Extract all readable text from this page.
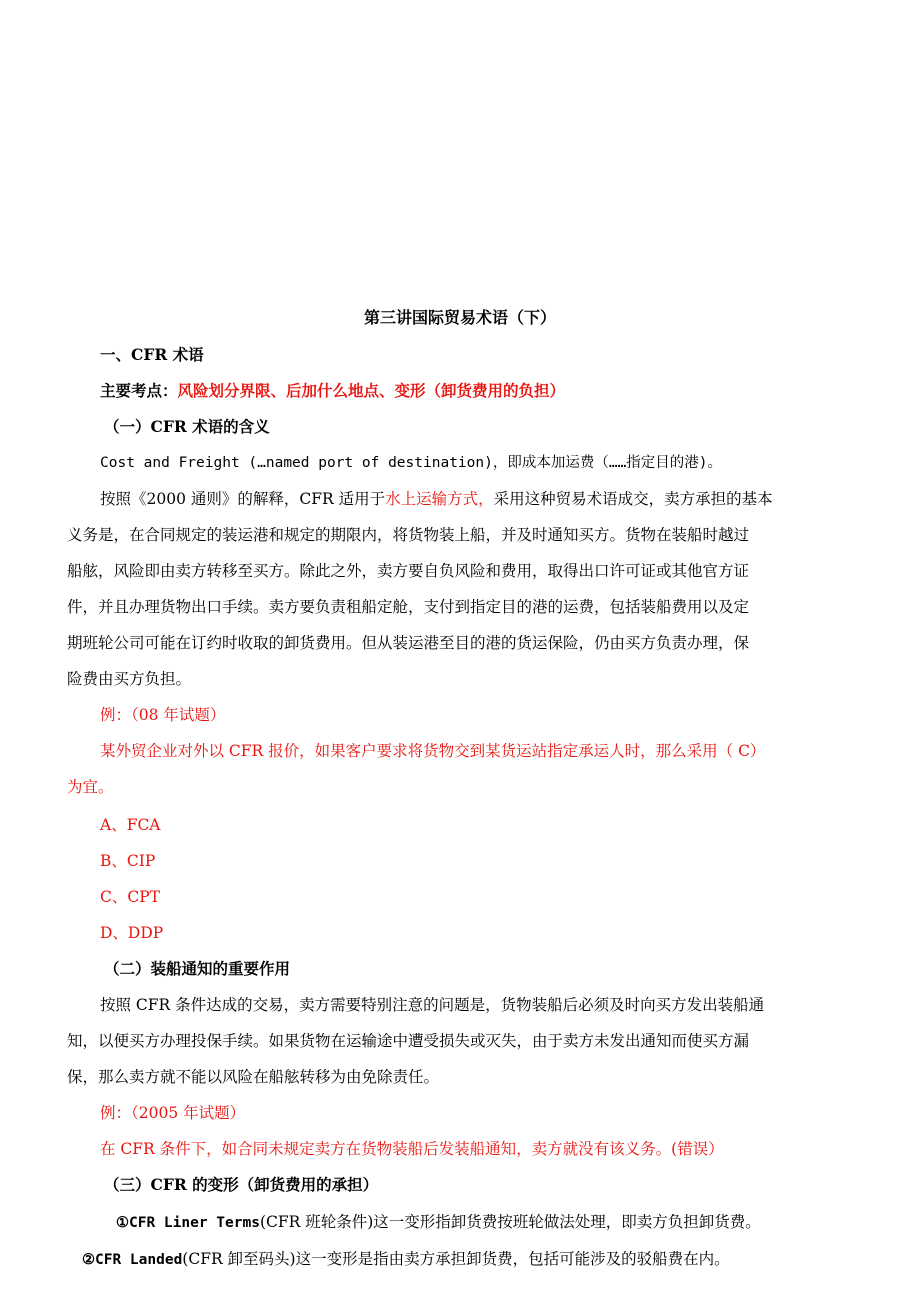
第三讲国际贸易术语（下）
一、CFR 术语
主要考点：风险划分界限、后加什么地点、变形（卸货费用的负担）
（一）CFR 术语的含义
Cost and Freight (…named port of destination)，即成本加运费（……指定目的港)。
按照《2000 通则》的解释，CFR 适用于水上运输方式，采用这种贸易术语成交，卖方承担的基本
义务是，在合同规定的装运港和规定的期限内，将货物装上船，并及时通知买方。货物在装船时越过
船舷，风险即由卖方转移至买方。除此之外，卖方要自负风险和费用，取得出口许可证或其他官方证
件，并且办理货物出口手续。卖方要负责租船定舱，支付到指定目的港的运费，包括装船费用以及定
期班轮公司可能在订约时收取的卸货费用。但从装运港至目的港的货运保险，仍由买方负责办理，保
险费由买方负担。
例：（08 年试题）
某外贸企业对外以 CFR 报价，如果客户要求将货物交到某货运站指定承运人时，那么采用（ C）
为宜。
A、FCA
B、CIP
C、CPT
D、DDP
（二）装船通知的重要作用
按照 CFR 条件达成的交易，卖方需要特别注意的问题是，货物装船后必须及时向买方发出装船通
知，以便买方办理投保手续。如果货物在运输途中遭受损失或灭失，由于卖方未发出通知而使买方漏
保，那么卖方就不能以风险在船舷转移为由免除责任。
例：（2005 年试题）
在 CFR 条件下，如合同未规定卖方在货物装船后发装船通知，卖方就没有该义务。(错误）
（三）CFR 的变形（卸货费用的承担）
①CFR Liner Terms(CFR 班轮条件)这一变形指卸货费按班轮做法处理，即卖方负担卸货费。
②CFR Landed(CFR 卸至码头)这一变形是指由卖方承担卸货费，包括可能涉及的驳船费在内。
